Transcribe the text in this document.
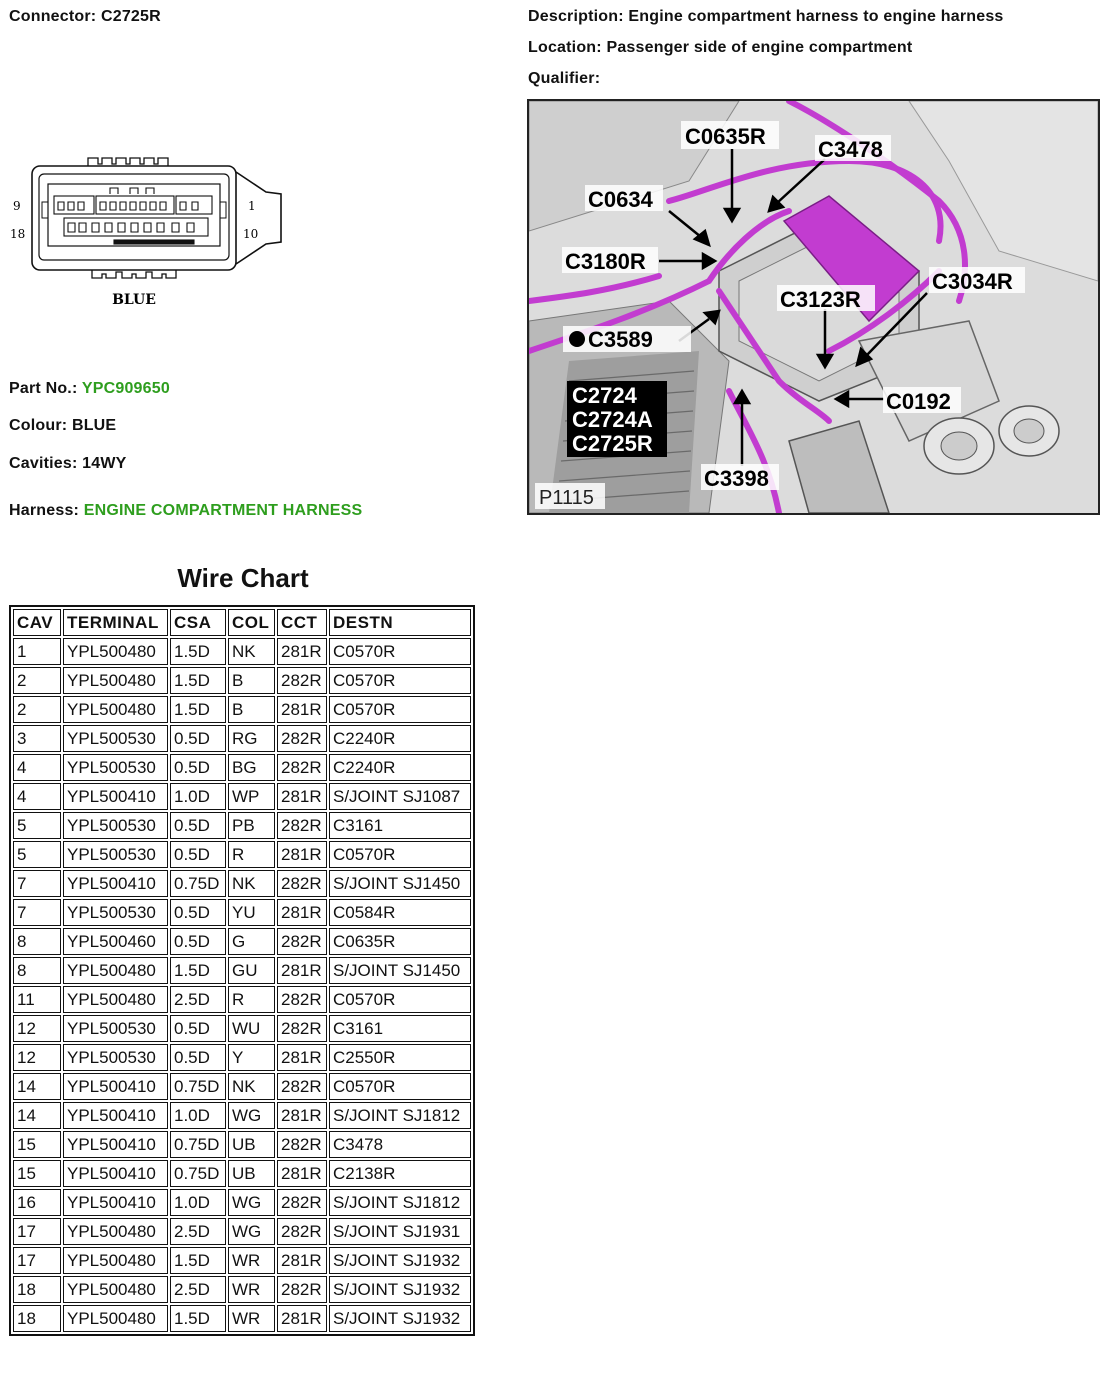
Connector: C2725R	Description: Engine compartment harness to engine harness
Location: Passenger side of engine compartment
Qualifier:
9
18
1
10
BLUE
Part No.: YPC909650
Colour: BLUE
Cavities: 14WY
Harness: ENGINE COMPARTMENT HARNESS
C0635R
C3478
C0634
C3180R
C3034R
C3123R
C3589
C2724
C2724A
C2725R
C0192
C3398
P1115
Wire Chart
CAV	TERMINAL	CSA	COL	CCT	DESTN
1	YPL500480	1.5D	NK	281R	C0570R
2	YPL500480	1.5D	B	282R	C0570R
2	YPL500480	1.5D	B	281R	C0570R
3	YPL500530	0.5D	RG	282R	C2240R
4	YPL500530	0.5D	BG	282R	C2240R
4	YPL500410	1.0D	WP	281R	S/JOINT SJ1087
5	YPL500530	0.5D	PB	282R	C3161
5	YPL500530	0.5D	R	281R	C0570R
7	YPL500410	0.75D	NK	282R	S/JOINT SJ1450
7	YPL500530	0.5D	YU	281R	C0584R
8	YPL500460	0.5D	G	282R	C0635R
8	YPL500480	1.5D	GU	281R	S/JOINT SJ1450
11	YPL500480	2.5D	R	282R	C0570R
12	YPL500530	0.5D	WU	282R	C3161
12	YPL500530	0.5D	Y	281R	C2550R
14	YPL500410	0.75D	NK	282R	C0570R
14	YPL500410	1.0D	WG	281R	S/JOINT SJ1812
15	YPL500410	0.75D	UB	282R	C3478
15	YPL500410	0.75D	UB	281R	C2138R
16	YPL500410	1.0D	WG	282R	S/JOINT SJ1812
17	YPL500480	2.5D	WG	282R	S/JOINT SJ1931
17	YPL500480	1.5D	WR	281R	S/JOINT SJ1932
18	YPL500480	2.5D	WR	282R	S/JOINT SJ1932
18	YPL500480	1.5D	WR	281R	S/JOINT SJ1932
